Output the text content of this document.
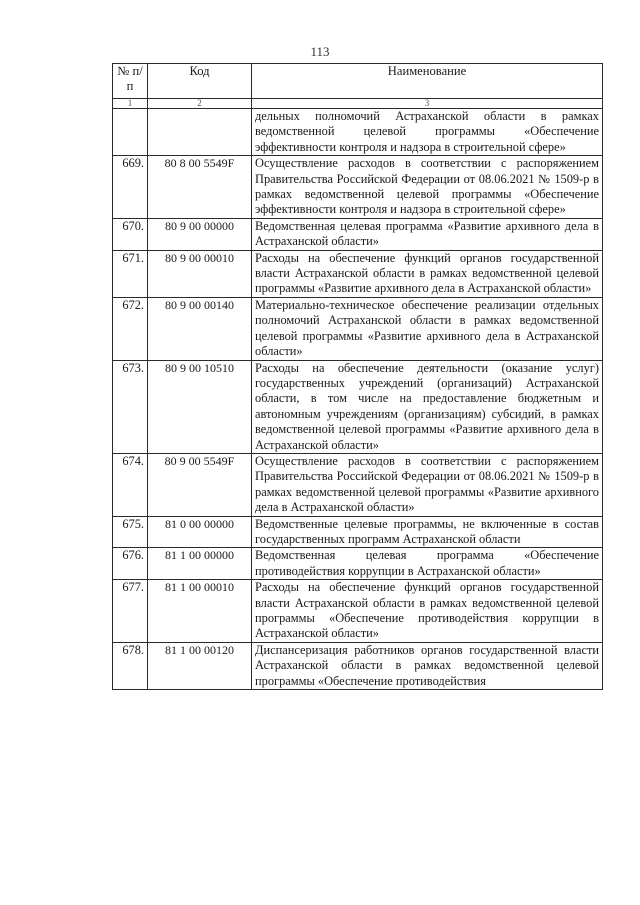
113
№ п/п	Код	Наименование
1	2	3
		дельных полномочий Астраханской области в рамках ведомственной целевой программы «Обеспечение эффективности контроля и надзора в строительной сфере»
669.	80 8 00 5549F	Осуществление расходов в соответствии с распоряжением Правительства Российской Федерации от 08.06.2021 № 1509-р в рамках ведомственной целевой программы «Обеспечение эффективности контроля и надзора в строительной сфере»
670.	80 9 00 00000	Ведомственная целевая программа «Развитие архивного дела в Астраханской области»
671.	80 9 00 00010	Расходы на обеспечение функций органов государственной власти Астраханской области в рамках ведомственной целевой программы «Развитие архивного дела в Астраханской области»
672.	80 9 00 00140	Материально-техническое обеспечение реализации отдельных полномочий Астраханской области в рамках ведомственной целевой программы «Развитие архивного дела в Астраханской области»
673.	80 9 00 10510	Расходы на обеспечение деятельности (оказание услуг) государственных учреждений (организаций) Астраханской области, в том числе на предоставление бюджетным и автономным учреждениям (организациям) субсидий, в рамках ведомственной целевой программы «Развитие архивного дела в Астраханской области»
674.	80 9 00 5549F	Осуществление расходов в соответствии с распоряжением Правительства Российской Федерации от 08.06.2021 № 1509-р в рамках ведомственной целевой программы «Развитие архивного дела в Астраханской области»
675.	81 0 00 00000	Ведомственные целевые программы, не включенные в состав государственных программ Астраханской области
676.	81 1 00 00000	Ведомственная целевая программа «Обеспечение противодействия коррупции в Астраханской области»
677.	81 1 00 00010	Расходы на обеспечение функций органов государственной власти Астраханской области в рамках ведомственной целевой программы «Обеспечение противодействия коррупции в Астраханской области»
678.	81 1 00 00120	Диспансеризация работников органов государственной власти Астраханской области в рамках ведомственной целевой программы «Обеспечение противодействия
